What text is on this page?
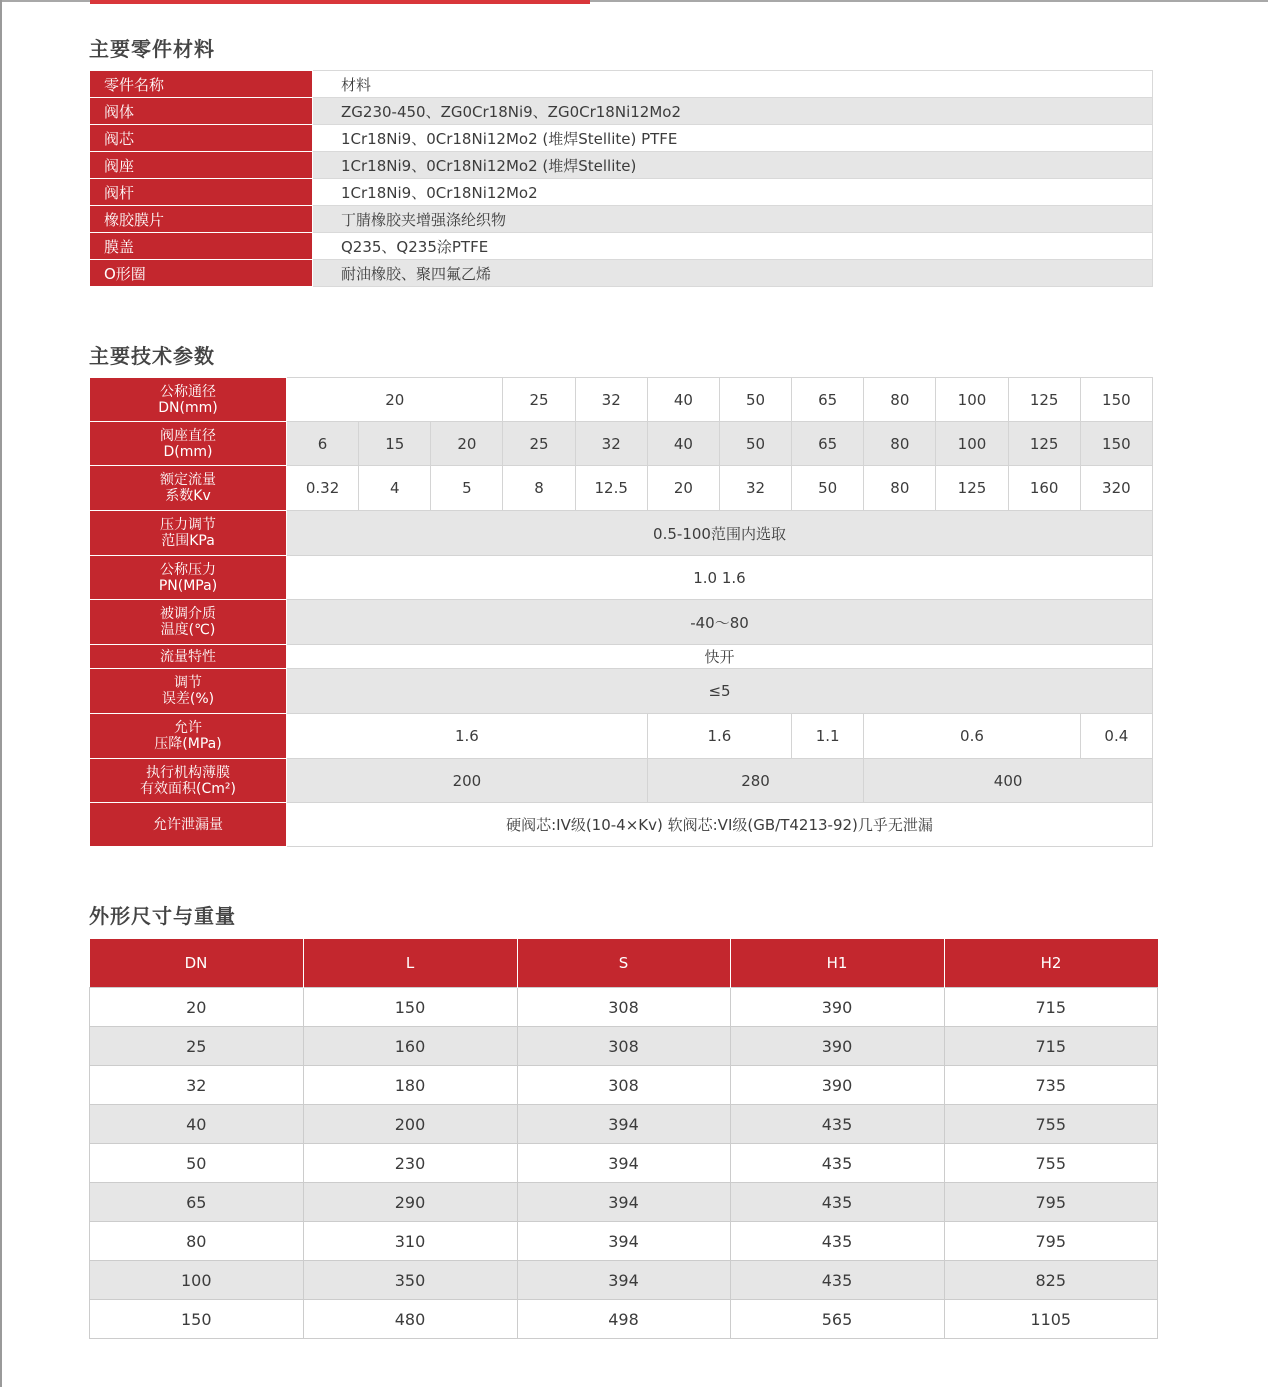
主要零件材料
零件名称	材料
阀体	ZG230-450、ZG0Cr18Ni9、ZG0Cr18Ni12Mo2
阀芯	1Cr18Ni9、0Cr18Ni12Mo2 (堆焊Stellite) PTFE
阀座	1Cr18Ni9、0Cr18Ni12Mo2 (堆焊Stellite)
阀杆	1Cr18Ni9、0Cr18Ni12Mo2
橡胶膜片	丁腈橡胶夹增强涤纶织物
膜盖	Q235、Q235涂PTFE
O形圈	耐油橡胶、聚四氟乙烯
主要技术参数
公称通径
DN(mm)	20			25	32	40	50	65	80	100	125	150

阀座直径
D(mm)	6	15	20	25	32	40	50	65	80	100	125	150

额定流量
系数Kv	0.32	4	5	8	12.5	20	32	50	80	125	160	320

压力调节
范围KPa	0.5-100范围内选取											

公称压力
PN(MPa)	1.0 1.6											

被调介质
温度(℃)	-40～80											

流量特性	快开											

调节
误差(%)	≤5											

允许
压降(MPa)	1.6					1.6		1.1	0.6			0.4

执行机构薄膜
有效面积(Cm²)	200					280			400			

允许泄漏量	硬阀芯:IV级(10-4×Kv) 软阀芯:VI级(GB/T4213-92)几乎无泄漏											
外形尺寸与重量
DN	L	S	H1	H2
20	150	308	390	715
25	160	308	390	715
32	180	308	390	735
40	200	394	435	755
50	230	394	435	755
65	290	394	435	795
80	310	394	435	795
100	350	394	435	825
150	480	498	565	1105
